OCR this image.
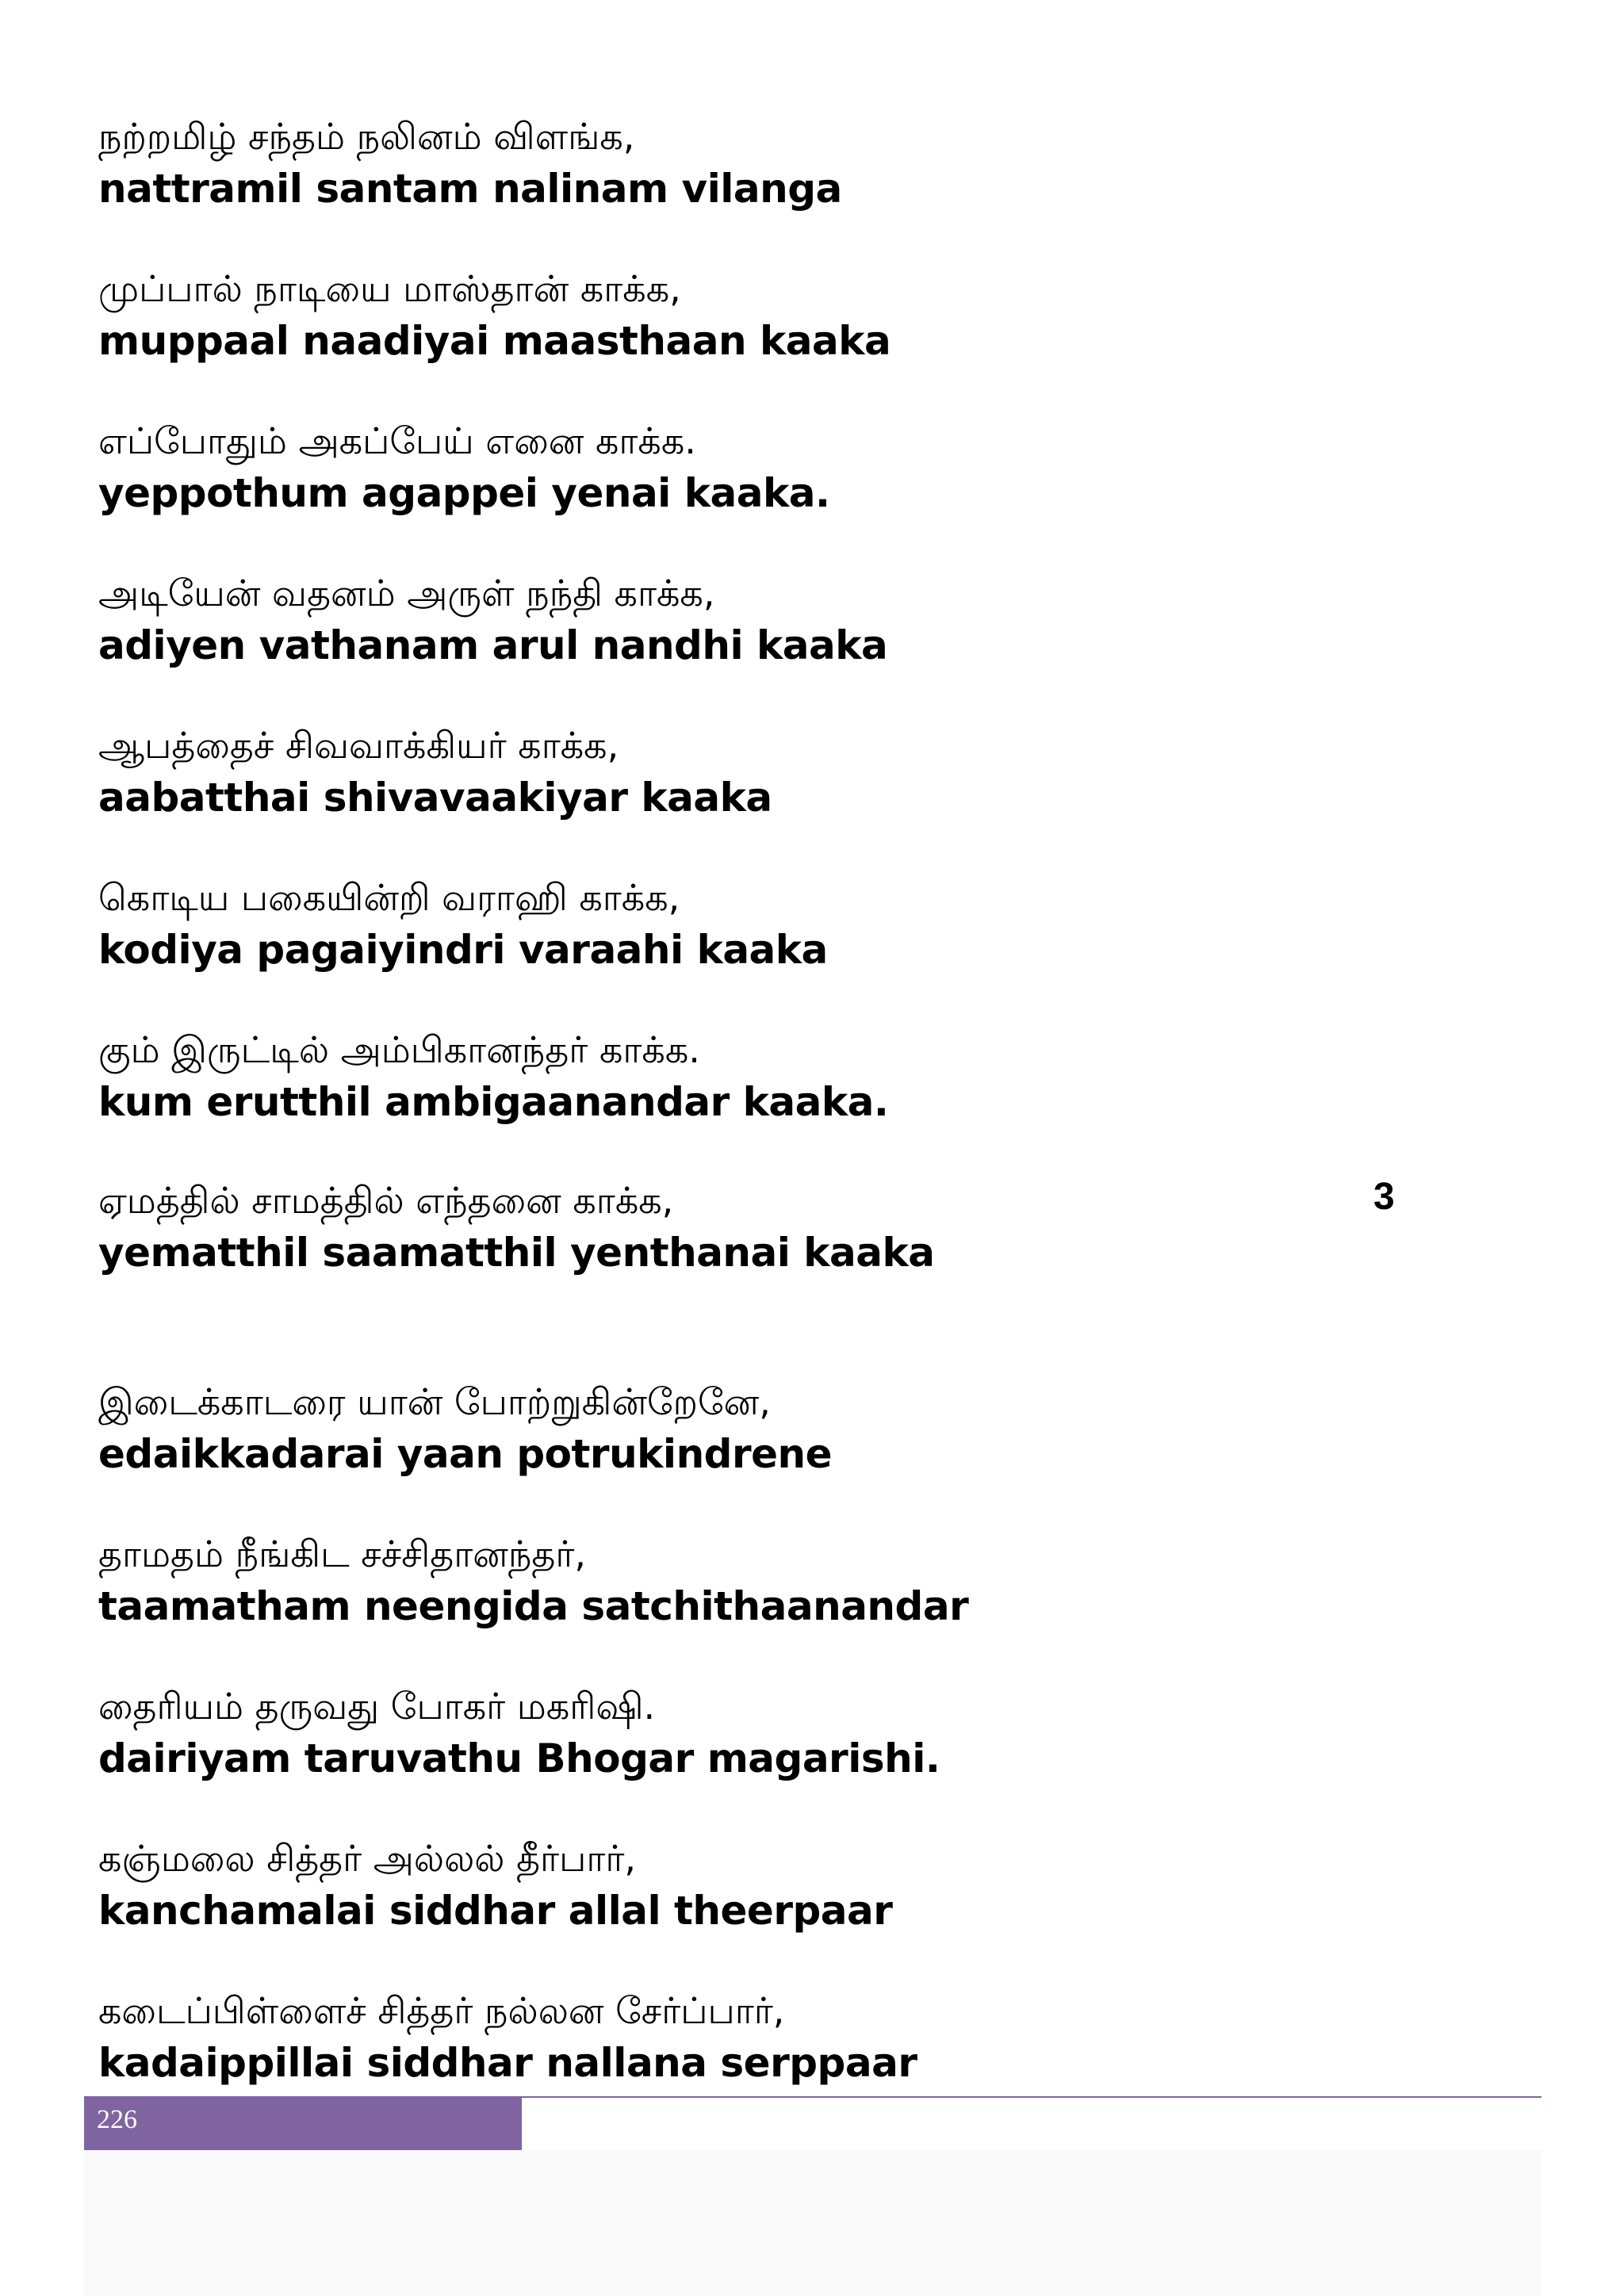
நற்றமிழ் சந்தம் நலினம் விளங்க,
nattramil santam nalinam vilanga
முப்பால் நாடியை மாஸ்தான் காக்க,
muppaal naadiyai maasthaan kaaka
எப்போதும் அகப்பேய் எனை காக்க.
yeppothum agappei yenai kaaka.
அடியேன் வதனம் அருள் நந்தி காக்க,
adiyen vathanam arul nandhi kaaka
ஆபத்தைச் சிவவாக்கியர் காக்க,
aabatthai shivavaakiyar kaaka
கொடிய பகையின்றி வராஹி காக்க,
kodiya pagaiyindri varaahi kaaka
கும் இருட்டில் அம்பிகானந்தர் காக்க.
kum erutthil ambigaanandar kaaka.
ஏமத்தில் சாமத்தில் எந்தனை காக்க,
yematthil saamatthil yenthanai kaaka
3
இடைக்காடரை யான் போற்றுகின்றேனே,
edaikkadarai yaan potrukindrene
தாமதம் நீங்கிட சச்சிதானந்தர்,
taamatham neengida satchithaanandar
தைரியம் தருவது போகர் மகரிஷி.
dairiyam taruvathu Bhogar magarishi.
கஞ்மலை சித்தர் அல்லல் தீர்பார்,
kanchamalai siddhar allal theerpaar
கடைப்பிள்ளைச் சித்தர் நல்லன சேர்ப்பார்,
kadaippillai siddhar nallana serppaar
226
